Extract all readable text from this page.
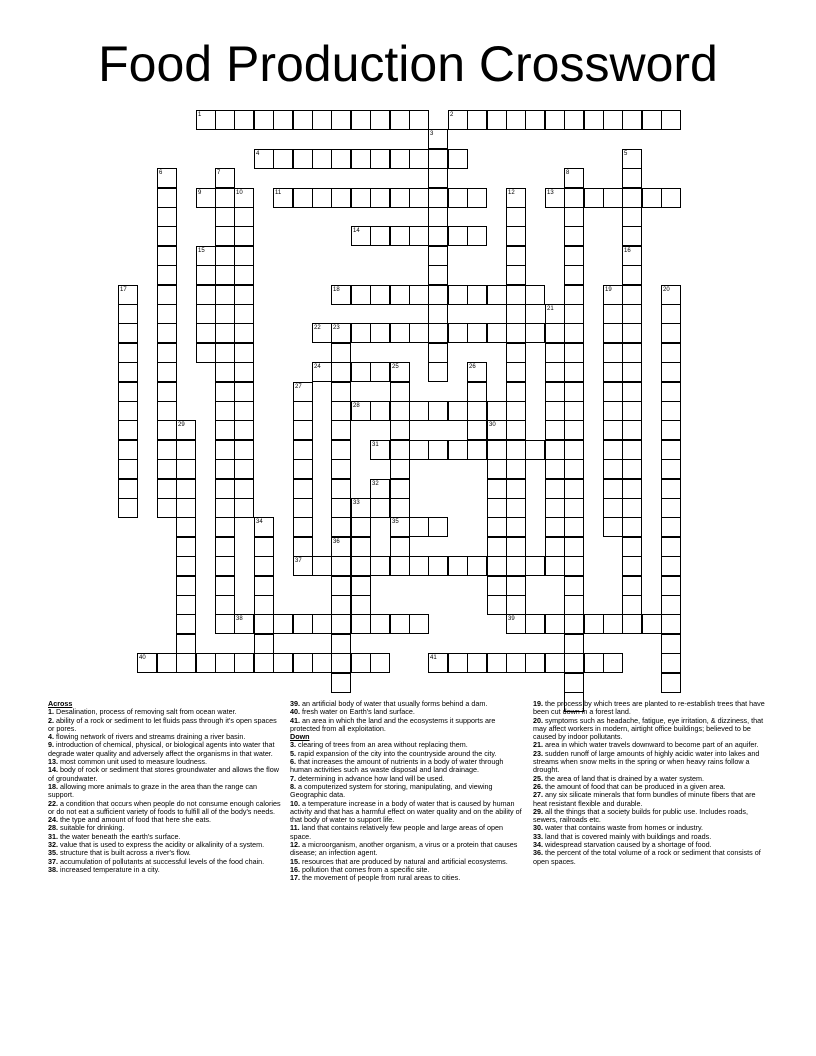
Food Production Crossword
1	2
3
4	5
6	7	8
9	10	11	12	13
14
15	16
17	18	19	20
21
22 23
24	25	26
27
28
29	30
31
32
33
34	35
36
37
38	39
40	41
Across
1. Desalination, process of removing salt from ocean water.
2. ability of a rock or sediment to let fluids pass through it's open spaces or pores.
4. flowing network of rivers and streams draining a river basin.
9. introduction of chemical, physical, or biological agents into water that degrade water quality and adversely affect the organisms in that water.
13. most common unit used to measure loudness.
14. body of rock or sediment that stores groundwater and allows the flow of groundwater.
18. allowing more animals to graze in the area than the range can support.
22. a condition that occurs when people do not consume enough calories or do not eat a sufficient variety of foods to fulfill all of the body's needs.
24. the type and amount of food that here she eats.
28. suitable for drinking.
31. the water beneath the earth's surface.
32. value that is used to express the acidity or alkalinity of a system.
35. structure that is built across a river's flow.
37. accumulation of pollutants at successful levels of the food chain.
38. increased temperature in a city.
39. an artificial body of water that usually forms behind a dam.
40. fresh water on Earth's land surface.
41. an area in which the land and the ecosystems it supports are protected from all exploitation.
Down
3. clearing of trees from an area without replacing them.
5. rapid expansion of the city into the countryside around the city.
6. that increases the amount of nutrients in a body of water through human activities such as waste disposal and land drainage.
7. determining in advance how land will be used.
8. a computerized system for storing, manipulating, and viewing Geographic data.
10. a temperature increase in a body of water that is caused by human activity and that has a harmful effect on water quality and on the ability of that body of water to support life.
11. land that contains relatively few people and large areas of open space.
12. a microorganism, another organism, a virus or a protein that causes disease; an infection agent.
15. resources that are produced by natural and artificial ecosystems.
16. pollution that comes from a specific site.
17. the movement of people from rural areas to cities.
19. the process by which trees are planted to re-establish trees that have been cut down in a forest land.
20. symptoms such as headache, fatigue, eye irritation, & dizziness, that may affect workers in modern, airtight office buildings; believed to be caused by indoor pollutants.
21. area in which water travels downward to become part of an aquifer.
23. sudden runoff of large amounts of highly acidic water into lakes and streams when snow melts in the spring or when heavy rains follow a drought.
25. the area of land that is drained by a water system.
26. the amount of food that can be produced in a given area.
27. any six silicate minerals that form bundles of minute fibers that are heat resistant flexible and durable.
29. all the things that a society builds for public use. Includes roads, sewers, railroads etc.
30. water that contains waste from homes or industry.
33. land that is covered mainly with buildings and roads.
34. widespread starvation caused by a shortage of food.
36. the percent of the total volume of a rock or sediment that consists of open spaces.
